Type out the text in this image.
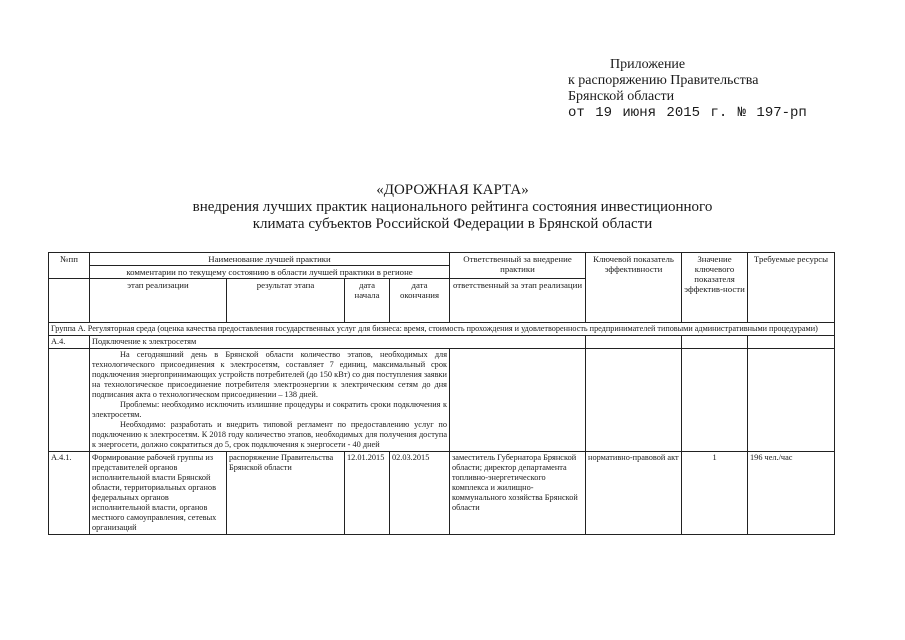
Приложение
к распоряжению Правительства
Брянской области
от 19 июня 2015 г. № 197-рп
«ДОРОЖНАЯ КАРТА»
внедрения лучших практик национального рейтинга состояния инвестиционного
климата субъектов Российской Федерации в Брянской области
№пп	Наименование лучшей практики				Ответственный за внедрение практики	Ключевой показатель эффективности	Значение ключевого показателя эффектив-ности	Требуемые ресурсы
	комментарии по текущему состоянию в области лучшей практики в регионе							
	этап реализации	результат этапа	дата начала	дата окончания	ответственный за этап реализации			
Группа А. Регуляторная среда (оценка качества предоставления государственных услуг для бизнеса: время, стоимость прохождения и удовлетворенность предпринимателей типовыми административными процедурами)								
А.4.	Подключение к электросетям							

	На сегодняшний день в Брянской области количество этапов, необходимых для технологического присоединения к электросетям, составляет 7 единиц, максимальный срок подключения энергопринимающих устройств потребителей (до 150 кВт) со дня поступления заявки на технологическое присоединение потребителя электроэнергии к электрическим сетям до дня подписания акта о технологическом присоединении – 138 дней.

Проблемы: необходимо исключить излишние процедуры и сократить сроки подключения к электросетям.

Необходимо: разработать и внедрить типовой регламент по предоставлению услуг по подключению к электросетям. К 2018 году количество этапов, необходимых для получения доступа к энергосети, должно сократиться до 5, срок подключения к энергосети - 40 дней							

А.4.1.	Формирование рабочей группы из представителей органов исполнительной власти Брянской области, территориальных органов федеральных органов исполнительной власти, органов местного самоуправления, сетевых организаций	распоряжение Правительства Брянской области	12.01.2015	02.03.2015	заместитель Губернатора Брянской области; директор департамента топливно-энергетического комплекса и жилищно-коммунального хозяйства Брянской области	нормативно-правовой акт	1	196 чел./час
